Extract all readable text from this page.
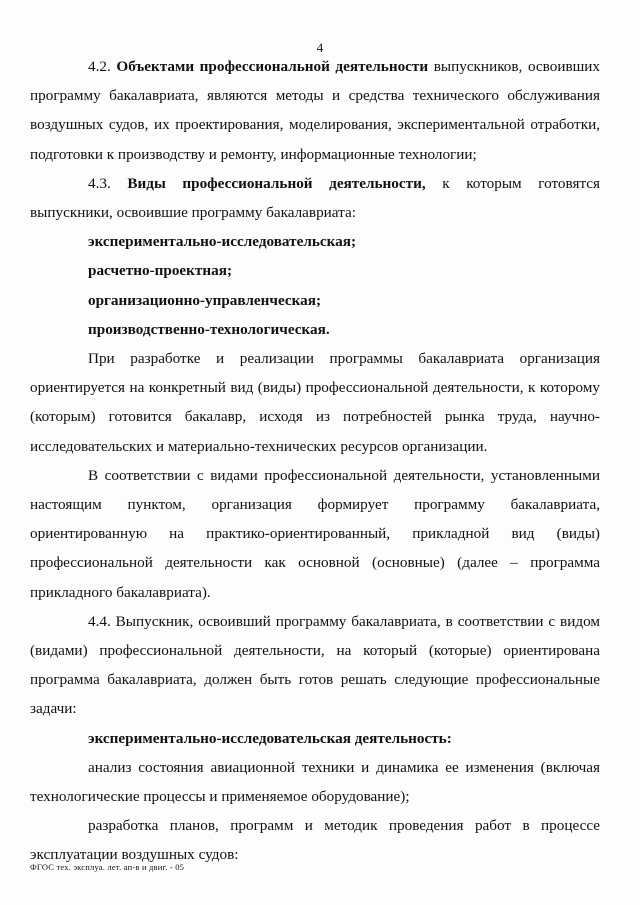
4

4.2. Объектами профессиональной деятельности выпускников, освоивших программу бакалавриата, являются методы и средства технического обслуживания воздушных судов, их проектирования, моделирования, экспериментальной отработки, подготовки к производству и ремонту, информационные технологии;

4.3. Виды профессиональной деятельности, к которым готовятся выпускники, освоившие программу бакалавриата:

экспериментально-исследовательская;

расчетно-проектная;

организационно-управленческая;

производственно-технологическая.

При разработке и реализации программы бакалавриата организация ориентируется на конкретный вид (виды) профессиональной деятельности, к которому (которым) готовится бакалавр, исходя из потребностей рынка труда, научно-исследовательских и материально-технических ресурсов организации.

В соответствии с видами профессиональной деятельности, установленными настоящим пунктом, организация формирует программу бакалавриата, ориентированную на практико-ориентированный, прикладной вид (виды) профессиональной деятельности как основной (основные) (далее – программа прикладного бакалавриата).

4.4. Выпускник, освоивший программу бакалавриата, в соответствии с видом (видами) профессиональной деятельности, на который (которые) ориентирована программа бакалавриата, должен быть готов решать следующие профессиональные задачи:

экспериментально-исследовательская деятельность:

анализ состояния авиационной техники и динамика ее изменения (включая технологические процессы и применяемое оборудование);

разработка планов, программ и методик проведения работ в процессе эксплуатации воздушных судов:

ФГОС тех. эксплуа. лет. ап-в и двиг. - 05
